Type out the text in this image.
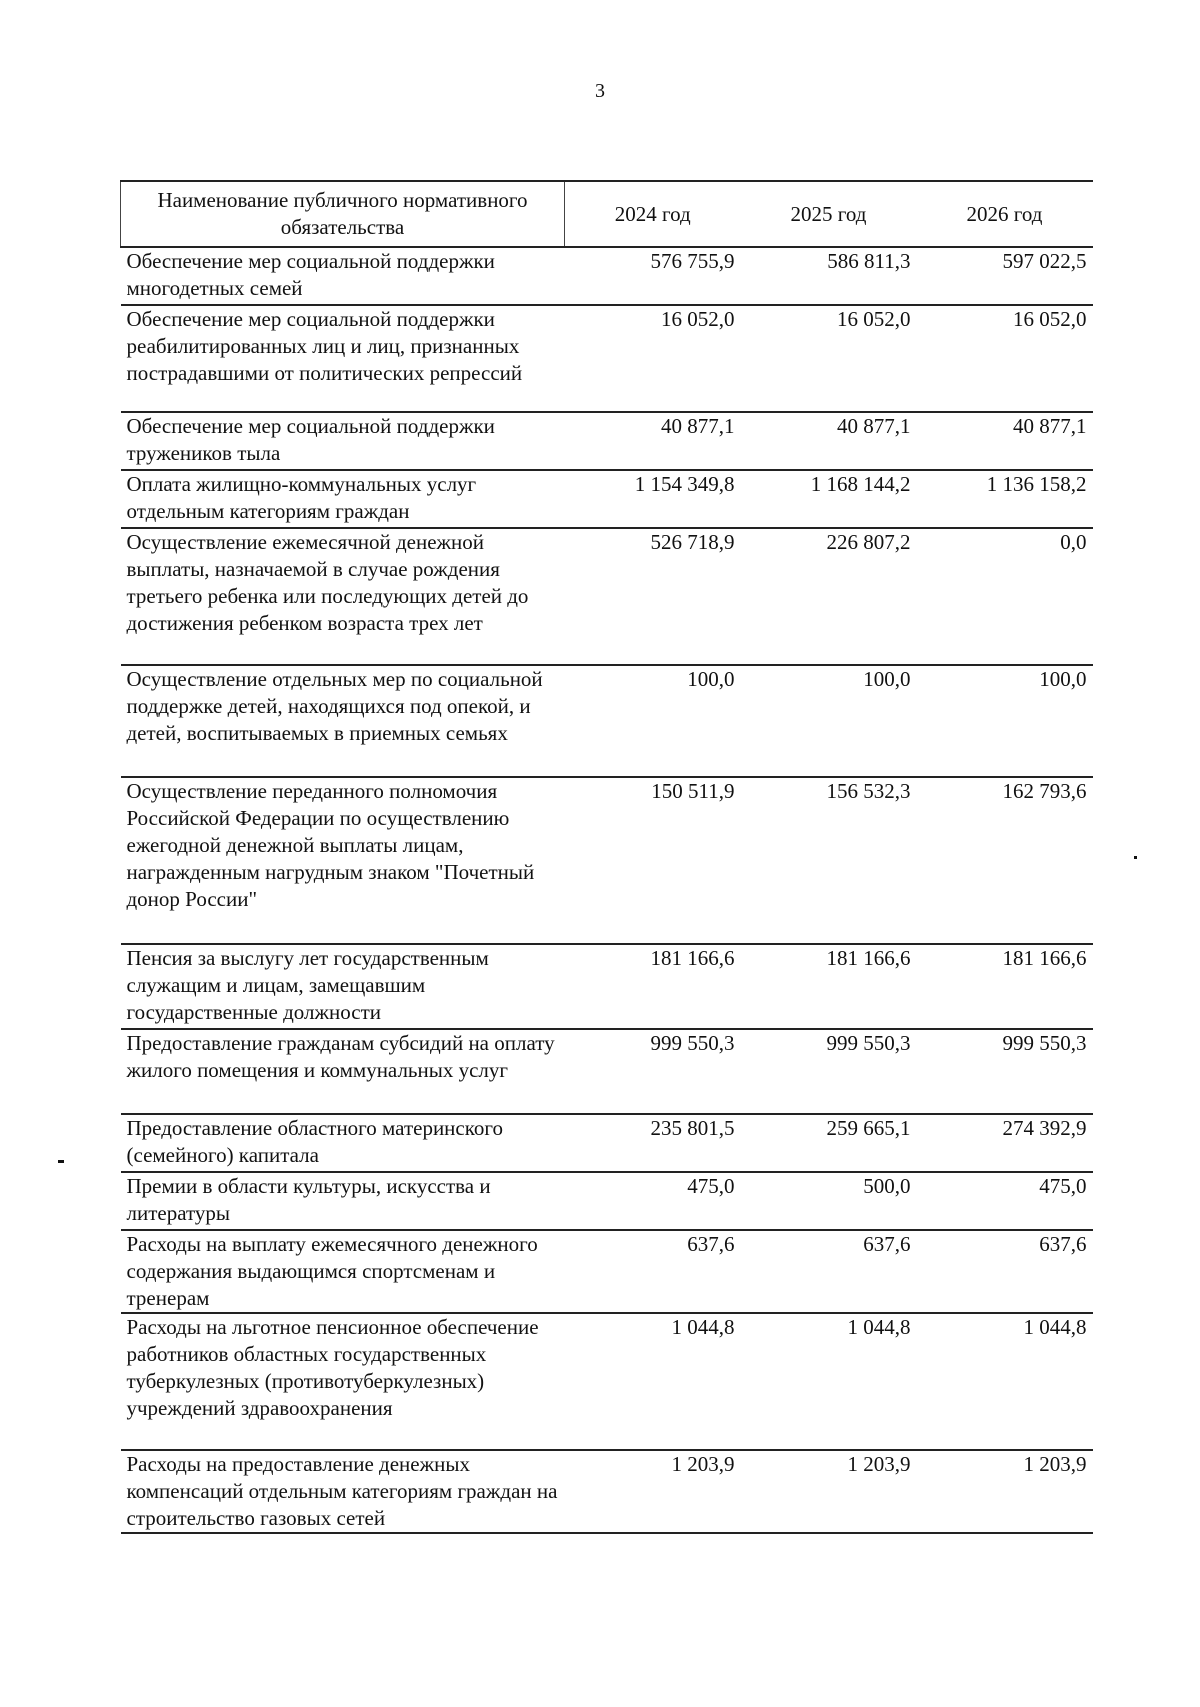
3
Наименование публичного нормативного обязательства	2024 год	2025 год	2026 год
Обеспечение мер социальной поддержки многодетных семей	576 755,9	586 811,3	597 022,5
Обеспечение мер социальной поддержки реабилитированных лиц и лиц, признанных пострадавшими от политических репрессий	16 052,0	16 052,0	16 052,0
Обеспечение мер социальной поддержки тружеников тыла	40 877,1	40 877,1	40 877,1
Оплата жилищно-коммунальных услуг отдельным категориям граждан	1 154 349,8	1 168 144,2	1 136 158,2
Осуществление ежемесячной денежной выплаты, назначаемой в случае рождения третьего ребенка или последующих детей до достижения ребенком возраста трех лет	526 718,9	226 807,2	0,0
Осуществление отдельных мер по социальной поддержке детей, находящихся под опекой, и детей, воспитываемых в приемных семьях	100,0	100,0	100,0
Осуществление переданного полномочия Российской Федерации по осуществлению ежегодной денежной выплаты лицам, награжденным нагрудным знаком "Почетный донор России"	150 511,9	156 532,3	162 793,6
Пенсия за выслугу лет государственным служащим и лицам, замещавшим государственные должности	181 166,6	181 166,6	181 166,6
Предоставление гражданам субсидий на оплату жилого помещения и коммунальных услуг	999 550,3	999 550,3	999 550,3
Предоставление областного материнского (семейного) капитала	235 801,5	259 665,1	274 392,9
Премии в области культуры, искусства и литературы	475,0	500,0	475,0
Расходы на выплату ежемесячного денежного содержания выдающимся спортсменам и тренерам	637,6	637,6	637,6
Расходы на льготное пенсионное обеспечение работников областных государственных туберкулезных (противотуберкулезных) учреждений здравоохранения	1 044,8	1 044,8	1 044,8
Расходы на предоставление денежных компенсаций отдельным категориям граждан на строительство газовых сетей	1 203,9	1 203,9	1 203,9
